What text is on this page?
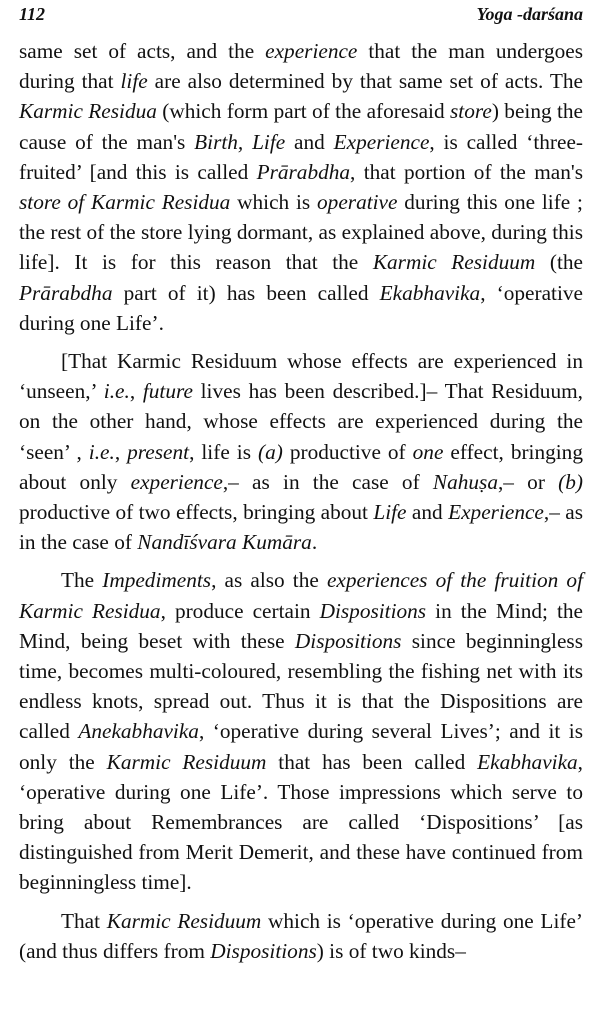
112	Yoga -darśana

same set of acts, and the experience that the man undergoes during that life are also determined by that same set of acts. The Karmic Residua (which form part of the aforesaid store) being the cause of the man's Birth, Life and Experience, is called ‘three-fruited’ [and this is called Prārabdha, that portion of the man's store of Karmic Residua which is operative during this one life ; the rest of the store lying dormant, as explained above, during this life]. It is for this reason that the Karmic Residuum (the Prārabdha part of it) has been called Ekabhavika, ‘operative during one Life’.

[That Karmic Residuum whose effects are experienced in ‘unseen,’ i.e., future lives has been described.]– That Residuum, on the other hand, whose effects are experienced during the ‘seen’ , i.e., present, life is (a) productive of one effect, bringing about only experience,– as in the case of Nahuṣa,– or (b) productive of two effects, bringing about Life and Experience,– as in the case of Nandīśvara Kumāra.

The Impediments, as also the experiences of the fruition of Karmic Residua, produce certain Dispositions in the Mind; the Mind, being beset with these Dispositions since beginningless time, becomes multi-coloured, resembling the fishing net with its endless knots, spread out. Thus it is that the Dispositions are called Anekabhavika, ‘operative during several Lives’; and it is only the Karmic Residuum that has been called Ekabhavika, ‘operative during one Life’. Those impressions which serve to bring about Remembrances are called ‘Dispositions’ [as distinguished from Merit Demerit, and these have continued from beginningless time].

That Karmic Residuum which is ‘operative during one Life’ (and thus differs from Dispositions) is of two kinds–
